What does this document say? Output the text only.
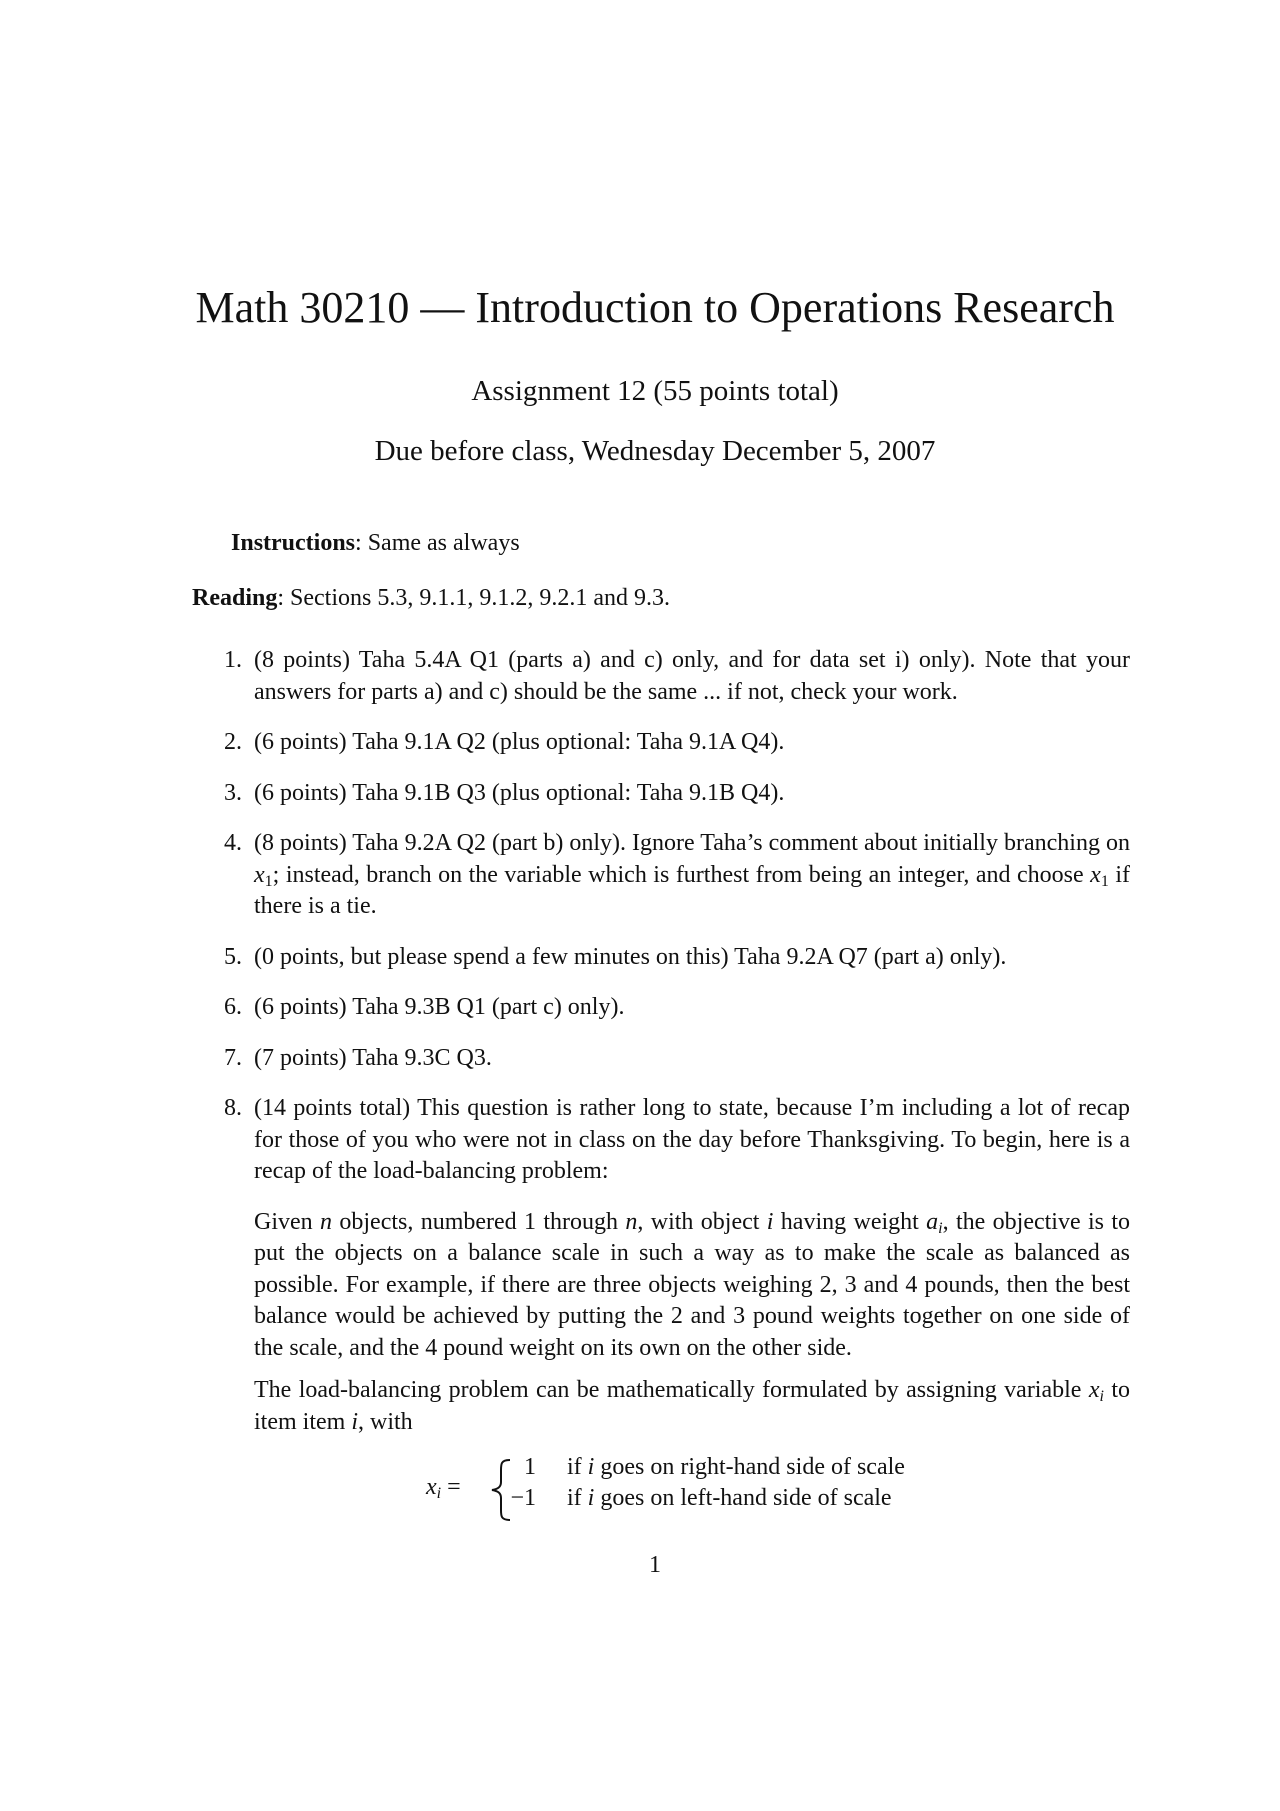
Math 30210 — Introduction to Operations Research
Assignment 12 (55 points total)
Due before class, Wednesday December 5, 2007
Instructions: Same as always
Reading: Sections 5.3, 9.1.1, 9.1.2, 9.2.1 and 9.3.
1. (8 points) Taha 5.4A Q1 (parts a) and c) only, and for data set i) only). Note that your answers for parts a) and c) should be the same ... if not, check your work.
2. (6 points) Taha 9.1A Q2 (plus optional: Taha 9.1A Q4).
3. (6 points) Taha 9.1B Q3 (plus optional: Taha 9.1B Q4).
4. (8 points) Taha 9.2A Q2 (part b) only). Ignore Taha’s comment about initially branching on $x_1$; instead, branch on the variable which is furthest from being an integer, and choose $x_1$ if there is a tie.
5. (0 points, but please spend a few minutes on this) Taha 9.2A Q7 (part a) only).
6. (6 points) Taha 9.3B Q1 (part c) only).
7. (7 points) Taha 9.3C Q3.
8. (14 points total) This question is rather long to state, because I’m including a lot of recap for those of you who were not in class on the day before Thanksgiving. To begin, here is a recap of the load-balancing problem:

Given n objects, numbered 1 through n, with object i having weight $a_i$, the objective is to put the objects on a balance scale in such a way as to make the scale as balanced as possible. For example, if there are three objects weighing 2, 3 and 4 pounds, then the best balance would be achieved by putting the 2 and 3 pound weights together on one side of the scale, and the 4 pound weight on its own on the other side.

The load-balancing problem can be mathematically formulated by assigning variable $x_i$ to item item i, with

$x_i$ =
1 if i goes on right-hand side of scale
−1 if i goes on left-hand side of scale
1
